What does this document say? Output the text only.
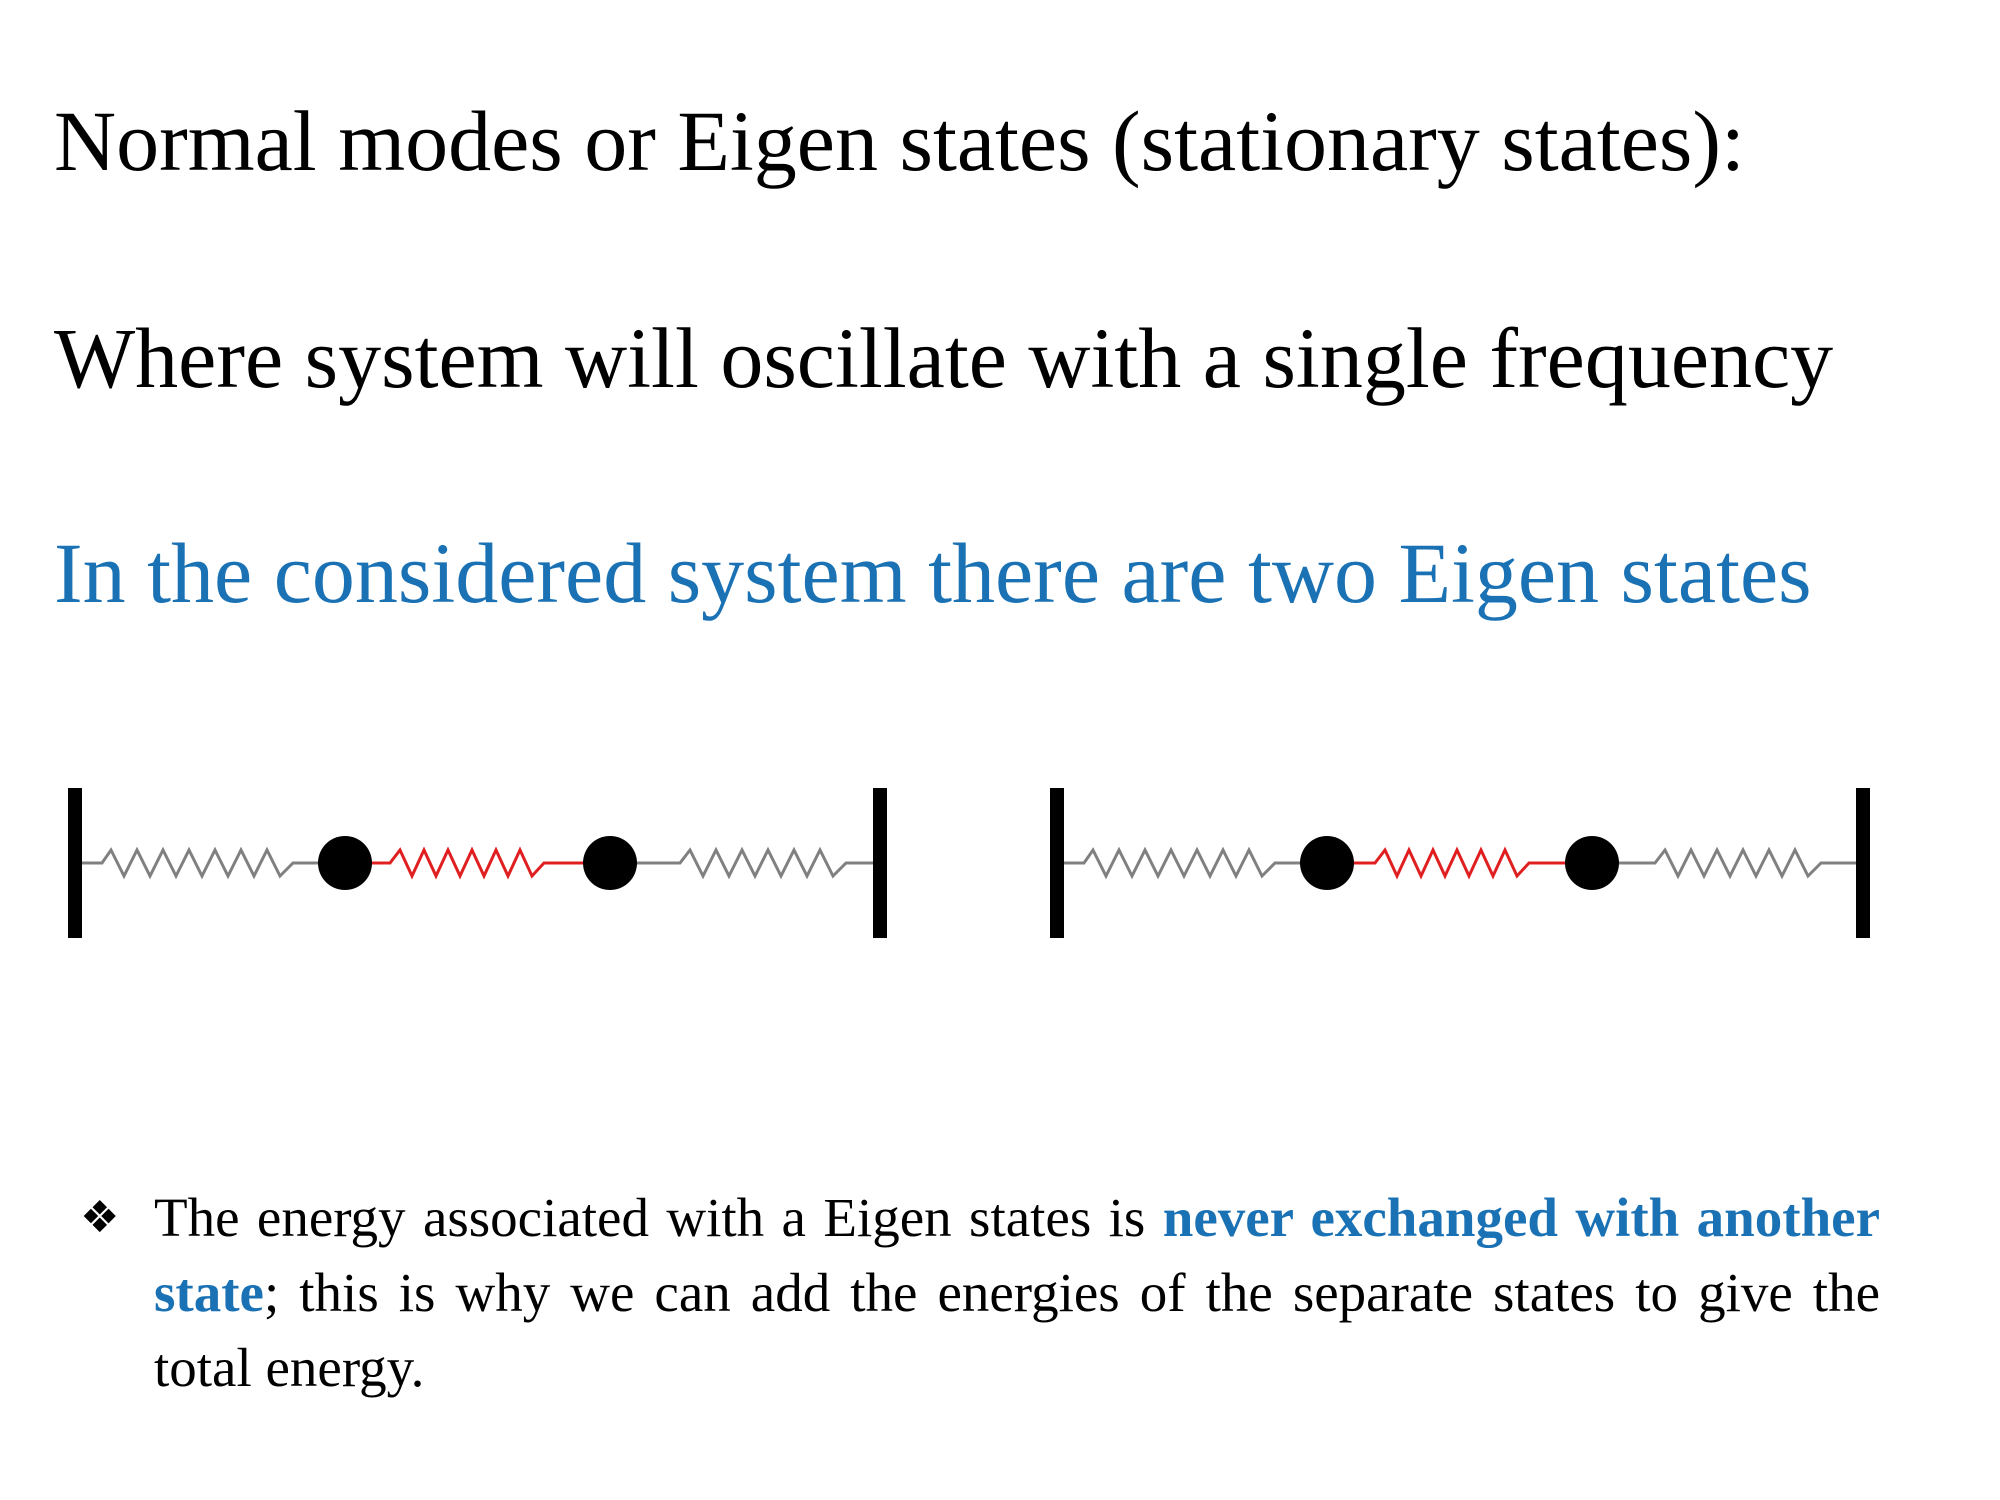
Normal modes or Eigen states (stationary states):
Where system will oscillate with a single frequency
In the considered system there are two Eigen states
❖ The energy associated with a Eigen states is never exchanged with another state; this is why we can add the energies of the separate states to give the total energy.
